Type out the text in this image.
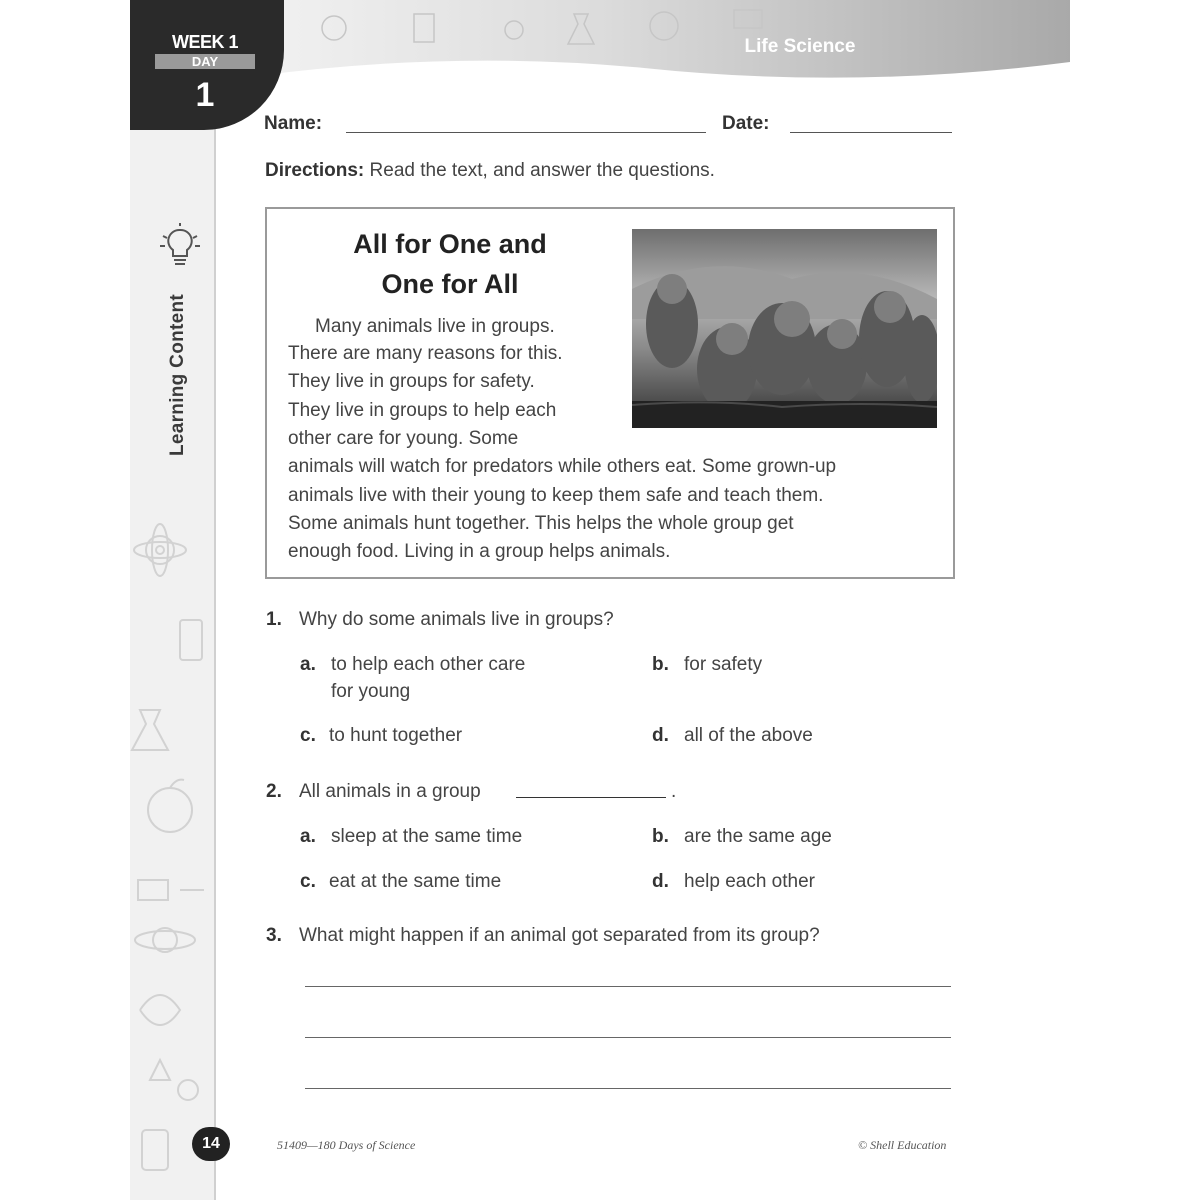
Learning Content
Life Science
WEEK 1
DAY
1
Name:	Date:
Directions: Read the text, and answer the questions.
All for One and
One for All
Many animals live in groups.
There are many reasons for this.
They live in groups for safety.
They live in groups to help each
other care for young. Some
animals will watch for predators while others eat. Some grown-up
animals live with their young to keep them safe and teach them.
Some animals hunt together. This helps the whole group get
enough food. Living in a group helps animals.
1. Why do some animals live in groups?
a. to help each other care
for young
b. for safety
c. to hunt together	d. all of the above
2. All animals in a group	.
a. sleep at the same time	b. are the same age
c. eat at the same time	d. help each other
3. What might happen if an animal got separated from its group?
14	51409—180 Days of Science	© Shell Education
